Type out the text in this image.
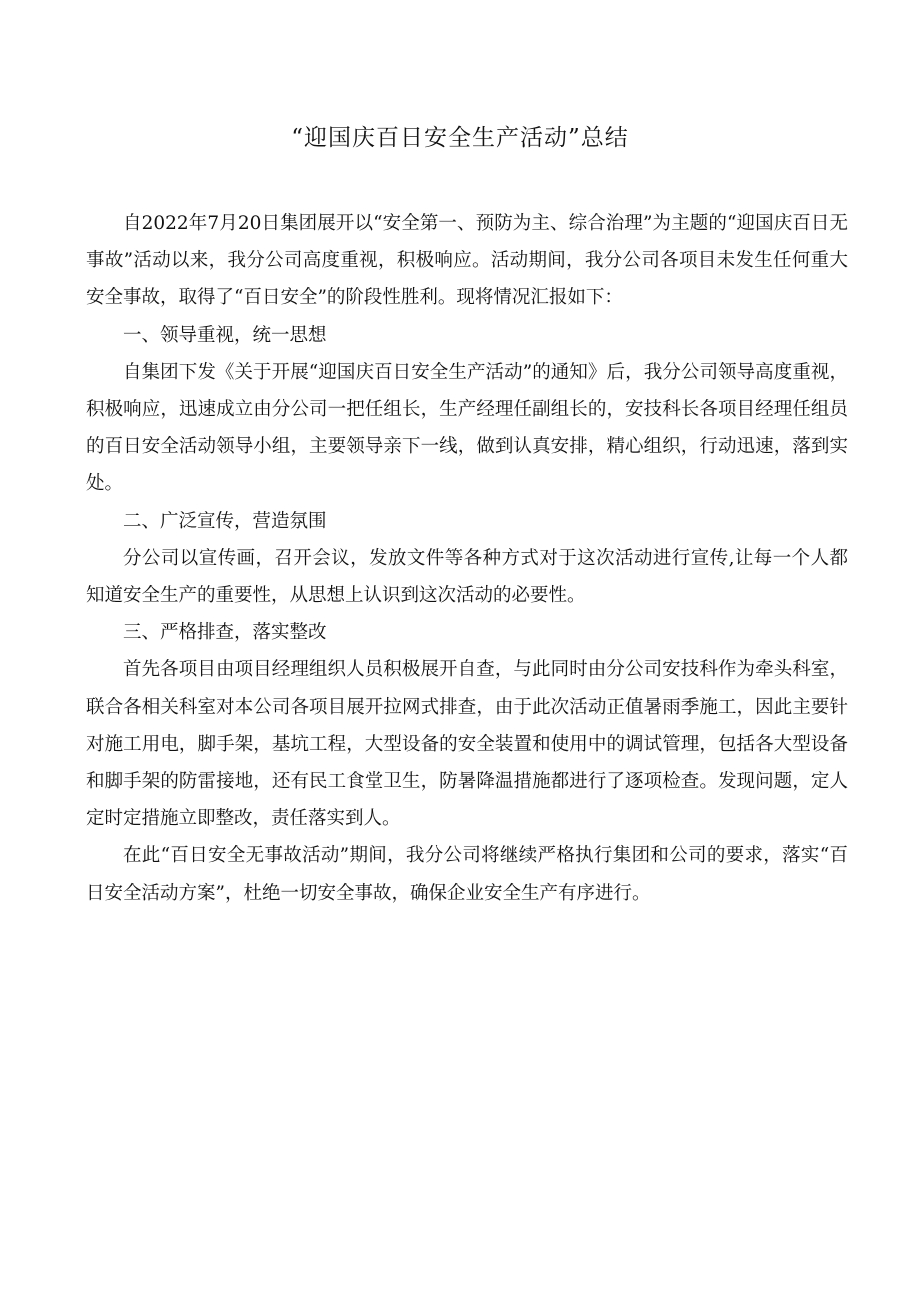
“迎国庆百日安全生产活动”总结

自2022年7月20日集团展开以“安全第一、预防为主、综合治理”为主题的“迎国庆百日无事故”活动以来，我分公司高度重视，积极响应。活动期间，我分公司各项目未发生任何重大安全事故，取得了“百日安全”的阶段性胜利。现将情况汇报如下：

一、领导重视，统一思想

自集团下发《关于开展“迎国庆百日安全生产活动”的通知》后，我分公司领导高度重视，积极响应，迅速成立由分公司一把任组长，生产经理任副组长的，安技科长各项目经理任组员的百日安全活动领导小组，主要领导亲下一线，做到认真安排，精心组织，行动迅速，落到实处。

二、广泛宣传，营造氛围

分公司以宣传画，召开会议，发放文件等各种方式对于这次活动进行宣传,让每一个人都知道安全生产的重要性，从思想上认识到这次活动的必要性。

三、严格排查，落实整改

首先各项目由项目经理组织人员积极展开自查，与此同时由分公司安技科作为牵头科室，联合各相关科室对本公司各项目展开拉网式排查，由于此次活动正值暑雨季施工，因此主要针对施工用电，脚手架，基坑工程，大型设备的安全装置和使用中的调试管理，包括各大型设备和脚手架的防雷接地，还有民工食堂卫生，防暑降温措施都进行了逐项检查。发现问题，定人定时定措施立即整改，责任落实到人。

在此“百日安全无事故活动”期间，我分公司将继续严格执行集团和公司的要求，落实“百日安全活动方案”，杜绝一切安全事故，确保企业安全生产有序进行。
